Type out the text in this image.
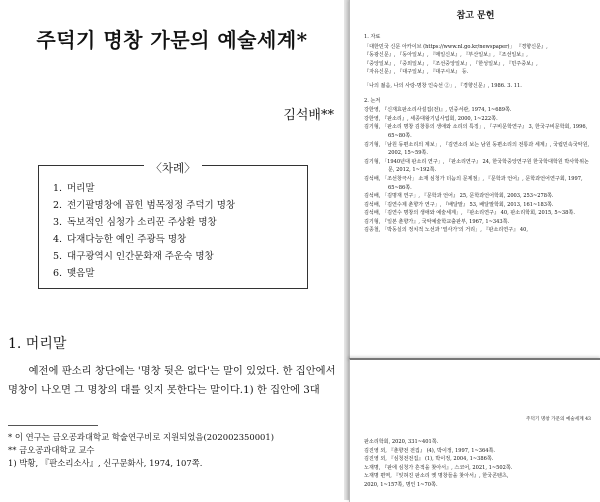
주덕기 명창 가문의 예술세계*
김석배**
〈차례〉
1. 머리말
2. 전기팔명창에 꼽힌 범목정정 주덕기 명창
3. 독보적인 심청가 소리꾼 주상환 명창
4. 다재다능한 예인 주광득 명창
5. 대구광역시 인간문화재 주운숙 명창
6. 맺음말
1. 머리말

예전에 판소리 창단에는 '명창 뒷은 없다'는 말이 있었다. 한 집안에서

명창이 나오면 그 명창의 대를 잇지 못한다는 말이다.1) 한 집안에 3대
* 이 연구는 금오공과대학교 학술연구비로 지원되었음(202002350001)
** 금오공과대학교 교수
1) 박황, 『판소리소사』, 신구문화사, 1974, 107쪽.
참고 문헌
1. 자료
「대한민국 신문 아카이브 (https://www.nl.go.kr/newspaper)」 『경향신문』,
『동광신문』, 『동아일보』, 『매일신보』, 『부산일보』, 『조선일보』,
『중앙일보』, 『중외일보』, 『조선중앙일보』, 『한성일보』, 『민주중보』,
『자유신문』, 『대구일보』, 『대구시보』 등.
「나의 젊음, 나의 사랑-명창 인숙선 ②」, 『경향신문』, 1986. 3. 11.
2. 논저
강한영, 『신재효판소리사설집(전)』, 민중서관, 1974, 1~689쪽.
강한영, 『판소리』, 세종대왕기념사업회, 2000, 1~222쪽.
김기형, 「판소리 명창 김창룡의 생애와 소리의 특징」, 『구비문학연구』 3, 한국구비문학회, 1996, 65~80쪽.
김기형, 「남원 동편소리의 계보」, 『김연소리 보는 남원 동편소리의 전통과 세계』, 국립민속국악원, 2002, 15~59쪽.
김기형, 「1940년대 판소리 연구」, 『판소리연구』 24, 한국학중앙연구원 한국학대학원 박사학위논문, 2012, 1~192쪽.
김석배, 「조선창극사」 소재 심청가 더늠의 문제점」, 『문학과 언어』, 문학과언어연구회, 1997, 65~86쪽.
김석배, 「김명재 연구」, 『문학과 언어』 25, 문학과언어학회, 2003, 253~278쪽.
김석배, 「김연수제 춘향가 연구」, 『배달말』 53, 배달말학회, 2013, 161~183쪽.
김석배, 「김연수 명창의 생애와 예술세계」, 『판소리연구』 40, 판소리학회, 2015, 5~38쪽.
김기형, 『일본 춘향가』, 국악예술학교출판부, 1967, 1~343쪽.
김종철, 「박동실의 정치적 노선과 '열사가'의 거리」, 『판소리연구』 40,
주덕기 명창 가문의 예술세계 43
판소리학회, 2020, 331~401쪽.
김진영 외, 『춘향전 전집』 (4), 박이정, 1997, 1~364쪽.
김진영 외, 『심청전전집』 (1), 박이정, 2004, 1~386쪽.
노재명, 『판에 심청가 흔적을 찾아서』, 스코어, 2021, 1~502쪽.
노재명 편역, 『잊혀진 판소리 옛 명창들을 찾아서』, 한국콘텐츠,
2020, 1~157쪽, 명인 1~70쪽.
